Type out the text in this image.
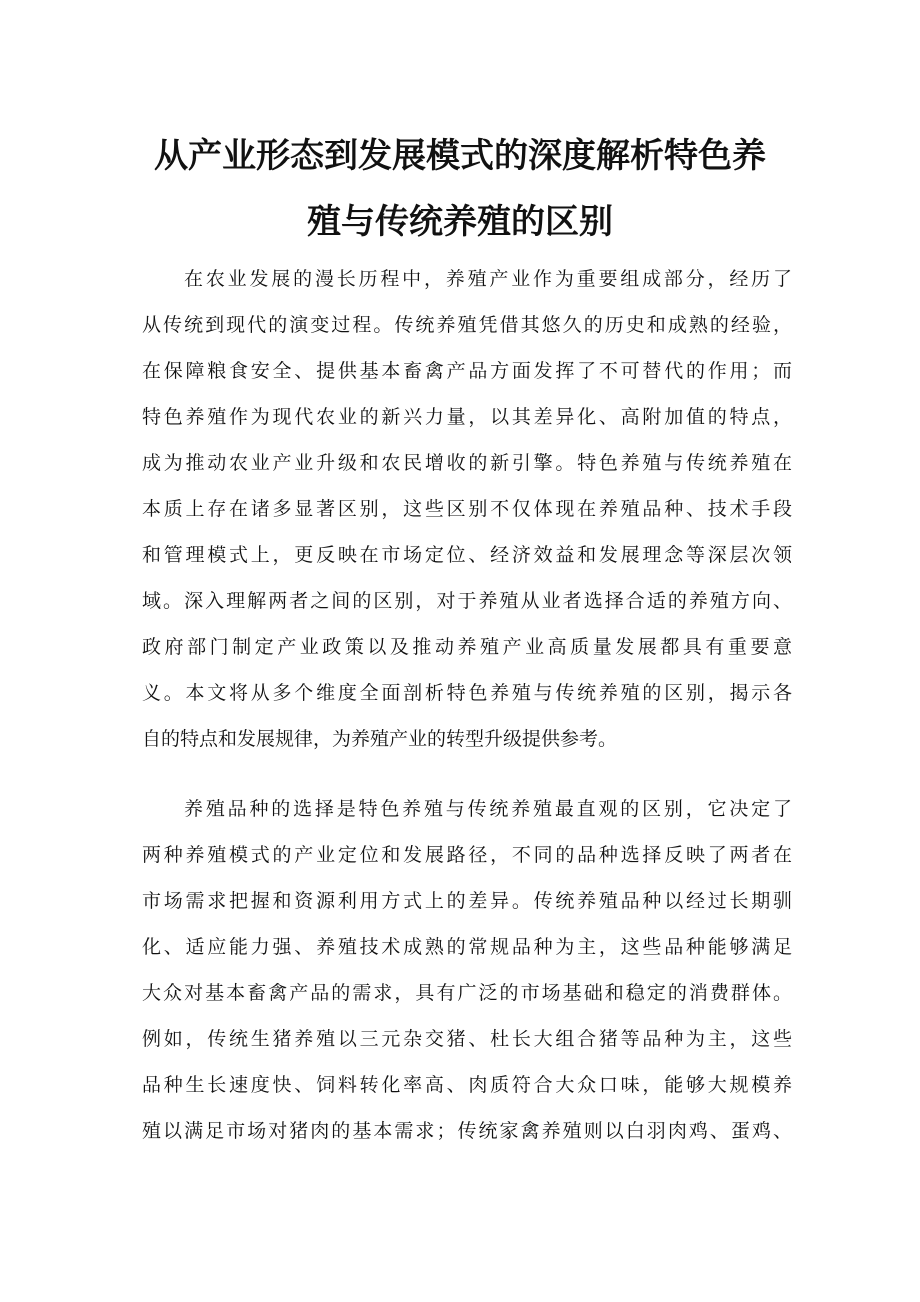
从产业形态到发展模式的深度解析特色养
殖与传统养殖的区别
在农业发展的漫长历程中，养殖产业作为重要组成部分，经历了
从传统到现代的演变过程。传统养殖凭借其悠久的历史和成熟的经验，
在保障粮食安全、提供基本畜禽产品方面发挥了不可替代的作用；而
特色养殖作为现代农业的新兴力量，以其差异化、高附加值的特点，
成为推动农业产业升级和农民增收的新引擎。特色养殖与传统养殖在
本质上存在诸多显著区别，这些区别不仅体现在养殖品种、技术手段
和管理模式上，更反映在市场定位、经济效益和发展理念等深层次领
域。深入理解两者之间的区别，对于养殖从业者选择合适的养殖方向、
政府部门制定产业政策以及推动养殖产业高质量发展都具有重要意
义。本文将从多个维度全面剖析特色养殖与传统养殖的区别，揭示各
自的特点和发展规律，为养殖产业的转型升级提供参考。
养殖品种的选择是特色养殖与传统养殖最直观的区别，它决定了
两种养殖模式的产业定位和发展路径，不同的品种选择反映了两者在
市场需求把握和资源利用方式上的差异。传统养殖品种以经过长期驯
化、适应能力强、养殖技术成熟的常规品种为主，这些品种能够满足
大众对基本畜禽产品的需求，具有广泛的市场基础和稳定的消费群体。
例如，传统生猪养殖以三元杂交猪、杜长大组合猪等品种为主，这些
品种生长速度快、饲料转化率高、肉质符合大众口味，能够大规模养
殖以满足市场对猪肉的基本需求；传统家禽养殖则以白羽肉鸡、蛋鸡、
